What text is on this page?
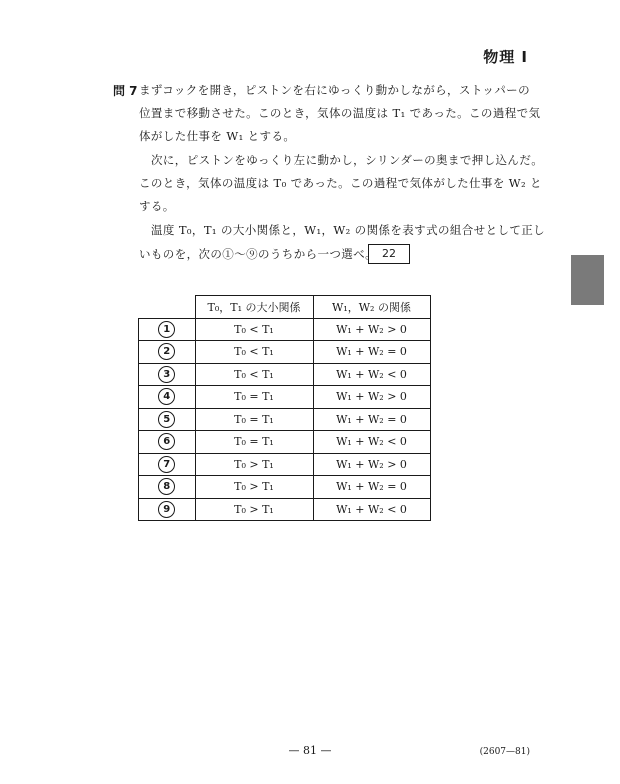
物理 I
問 7 まずコックを開き，ピストンを右にゆっくり動かしながら，ストッパーの
位置まで移動させた。このとき，気体の温度は T₁ であった。この過程で気
体がした仕事を W₁ とする。
次に，ピストンをゆっくり左に動かし，シリンダーの奥まで押し込んだ。
このとき，気体の温度は T₀ であった。この過程で気体がした仕事を W₂ と
する。
温度 T₀，T₁ の大小関係と，W₁，W₂ の関係を表す式の組合せとして正し
いものを，次の①〜⑨のうちから一つ選べ。 22
	T₀，T₁ の大小関係	W₁，W₂ の関係
1	T₀ < T₁	W₁ + W₂ > 0
2	T₀ < T₁	W₁ + W₂ = 0
3	T₀ < T₁	W₁ + W₂ < 0
4	T₀ = T₁	W₁ + W₂ > 0
5	T₀ = T₁	W₁ + W₂ = 0
6	T₀ = T₁	W₁ + W₂ < 0
7	T₀ > T₁	W₁ + W₂ > 0
8	T₀ > T₁	W₁ + W₂ = 0
9	T₀ > T₁	W₁ + W₂ < 0
— 81 —	(2607—81)
